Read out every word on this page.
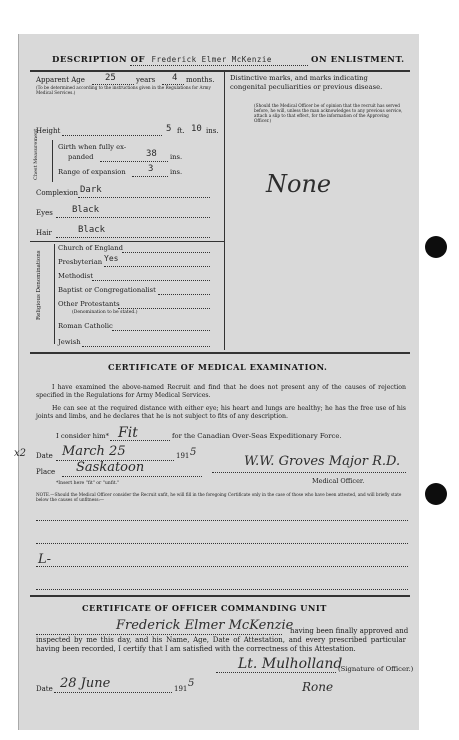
DESCRIPTION OF Frederick Elmer McKenzie	ON ENLISTMENT.
Apparent Age 25	years 4 months.
(To be determined according to the instructions given in the Regulations for Army Medical Services.)
Distinctive marks, and marks indicating congenital peculiarities or previous disease.
(Should the Medical Officer be of opinion that the recruit has served before, he will, unless the man acknowledges to any previous service, attach a slip to that effect, for the information of the Approving Officer.)
None
Height	5 ft. 10 ins.
Chest Measurement	Girth when fully ex-
panded	38 ins.
Range of expansion 3 ins.
Complexion Dark
Eyes Black
Hair	Black
Religious Denominations
Church of England
Presbyterian Yes
Methodist
Baptist or Congregationalist
Other Protestants
(Denomination to be stated.)
Roman Catholic
Jewish
CERTIFICATE OF MEDICAL EXAMINATION.
I have examined the above-named Recruit and find that he does not present any of the causes of rejection specified in the Regulations for Army Medical Services.
He can see at the required distance with either eye; his heart and lungs are healthy; he has the free use of his joints and limbs, and he declares that he is not subject to fits of any description.
I consider him* Fit	for the Canadian Over-Seas Expeditionary Force.
x2 Date March 25	191 5
W.W. Groves Major R.D.
Place Saskatoon
Medical Officer.
*Insert here "fit" or "unfit."
NOTE.—Should the Medical Officer consider the Recruit unfit, he will fill in the foregoing Certificate only in the case of those who have been attested, and will briefly state below the causes of unfitness:—
L-
CERTIFICATE OF OFFICER COMMANDING UNIT
Frederick Elmer McKenzie
having been finally approved and
inspected by me this day, and his Name, Age, Date of Attestation, and every prescribed particular having been recorded, I certify that I am satisfied with the correctness of this Attestation.
Lt. Mulholland
(Signature of Officer.)
Date 28 June	191 5	Rone
